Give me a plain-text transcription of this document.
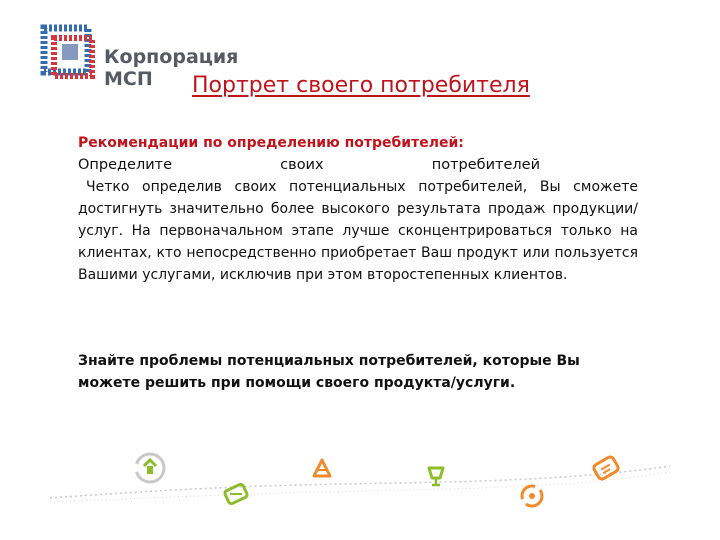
Корпорация
МСП	Портрет своего потребителя
Рекомендации по определению потребителей:
Определите	своих	потребителей

Четко определив своих потенциальных потребителей, Вы сможете достигнуть значительно более высокого результата продаж продукции/услуг. На первоначальном этапе лучше сконцентрироваться только на клиентах, кто непосредственно приобретает Ваш продукт или пользуется Вашими услугами, исключив при этом второстепенных клиентов.

Знайте проблемы потенциальных потребителей, которые Вы можете решить при помощи своего продукта/услуги.
